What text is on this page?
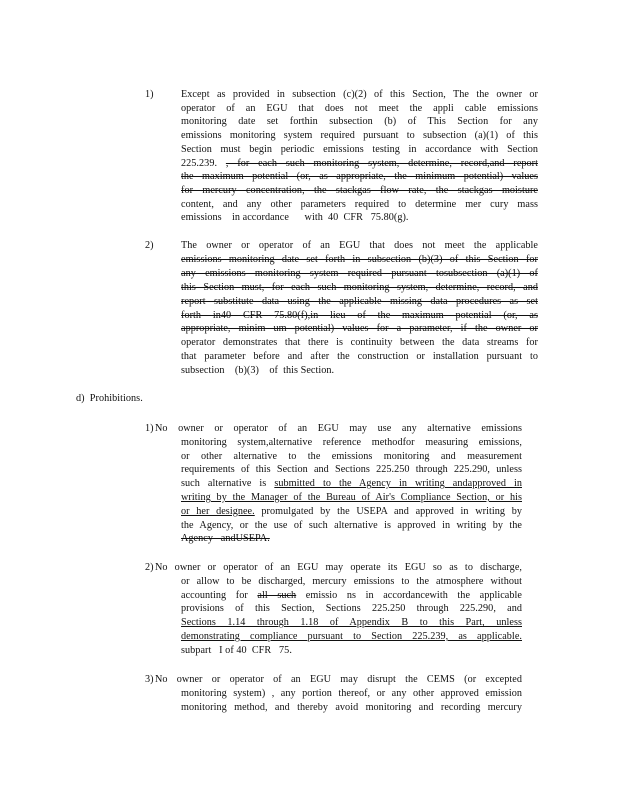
1)	Except as provided in subsection (c)(2) of this Section, The the owner or
operator of an EGU that does not meet the appli cable emissions
monitoring date set forthin subsection (b) of This Section for any
emissions monitoring system required pursuant to subsection (a)(1) of this
Section must begin periodic emissions testing in accordance with Section
225.239. , for each such monitoring system, determine, record,and report
the maximum potential (or, as appropriate, the minimum potential) values
for mercury concentration, the stackgas flow rate, the stackgas moisture
content, and any other parameters required to determine mer cury mass
emissions    in accordance      with  40  CFR   75.80(g).
2)	The owner or operator of an EGU that does not meet the applicable
emissions monitoring date set forth in subsection (b)(3) of this Section for
any emissions monitoring system required pursuant tosubsection (a)(1) of
this Section must, for each such monitoring system, determine, record, and
report substitute data using the applicable missing data procedures as set
forth in40 CFR 75.80(f),in lieu of the maximum potential (or, as
appropriate, minim um potential) values for a parameter, if the owner or
operator demonstrates that there is continuity between the data streams for
that parameter before and after the construction or installation pursuant to
subsection    (b)(3)    of  this Section.
d)  Prohibitions.
1) No owner or operator of an EGU may use any alternative emissions
monitoring system,alternative reference methodfor measuring emissions,
or other alternative to the emissions monitoring and measurement
requirements of this Section and Sections 225.250 through 225.290, unless
such alternative is submitted to the Agency in writing andapproved in
writing by the Manager of the Bureau of Air's Compliance Section, or his
or her designee. promulgated by the USEPA and approved in writing by
the Agency, or the use of such alternative is approved in writing by the
Agency   andUSEPA.
2) No owner or operator of an EGU may operate its EGU so as to discharge,
or allow to be discharged, mercury emissions to the atmosphere without
accounting for all such emissio ns in accordancewith the applicable
provisions of this Section, Sections 225.250 through 225.290, and
Sections 1.14 through 1.18 of Appendix B to this Part, unless
demonstrating compliance pursuant to Section 225.239, as applicable.
subpart   I of 40  CFR   75.
3) No owner or operator of an EGU may disrupt the CEMS (or excepted
monitoring system) , any portion thereof, or any other approved emission
monitoring method, and thereby avoid monitoring and recording mercury
